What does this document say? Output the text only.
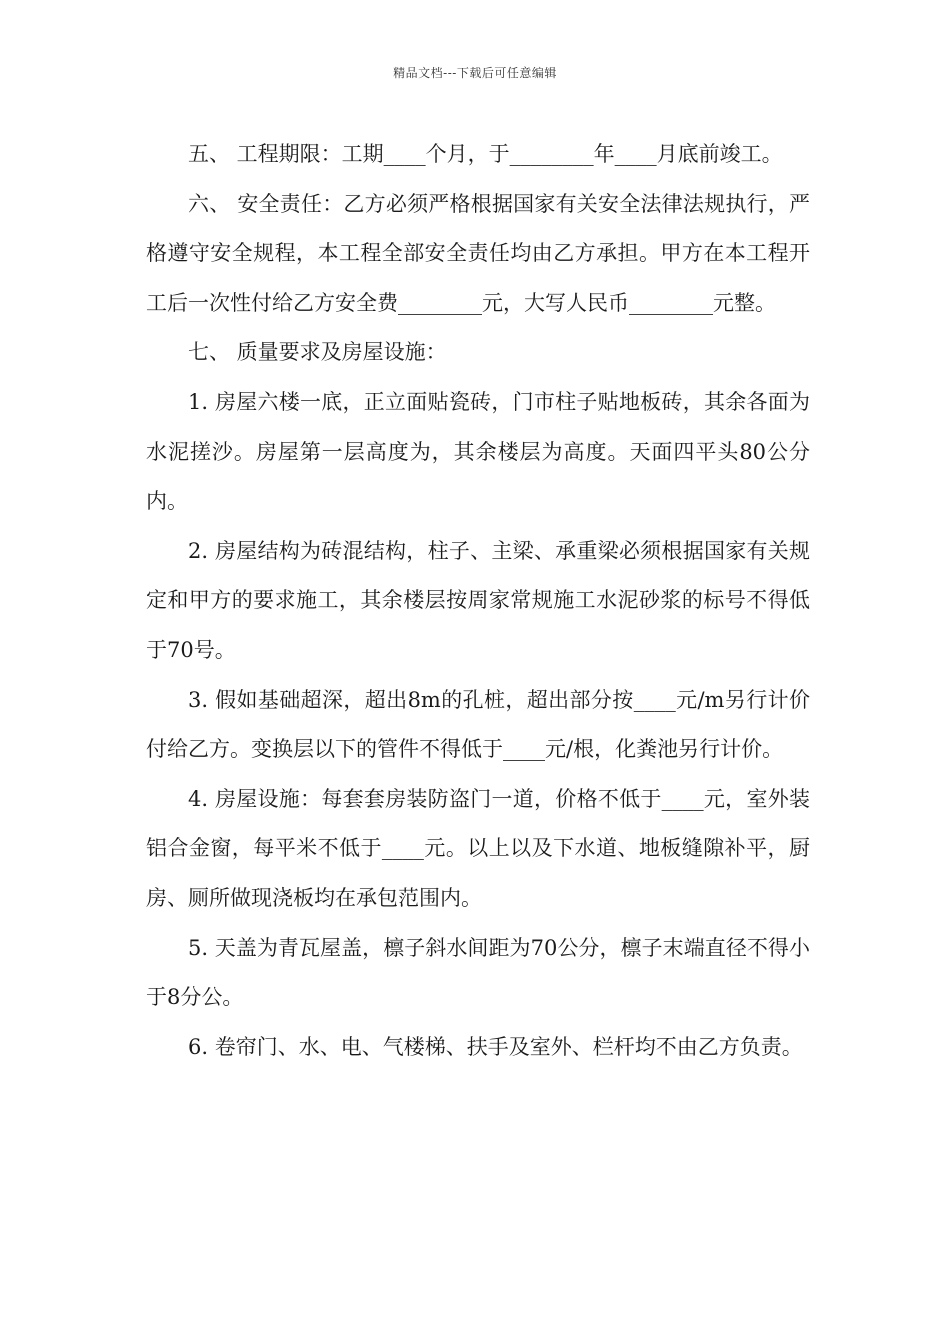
精品文档---下载后可任意编辑

五、 工程期限：工期____个月，于________年____月底前竣工。

六、 安全责任：乙方必须严格根据国家有关安全法律法规执行，严格遵守安全规程，本工程全部安全责任均由乙方承担。甲方在本工程开工后一次性付给乙方安全费________元，大写人民币________元整。

七、 质量要求及房屋设施：

1. 房屋六楼一底，正立面贴瓷砖，门市柱子贴地板砖，其余各面为水泥搓沙。房屋第一层高度为，其余楼层为高度。天面四平头80公分内。

2. 房屋结构为砖混结构，柱子、主梁、承重梁必须根据国家有关规定和甲方的要求施工，其余楼层按周家常规施工水泥砂浆的标号不得低于70号。

3. 假如基础超深，超出8m的孔桩，超出部分按____元/m另行计价付给乙方。变换层以下的管件不得低于____元/根，化粪池另行计价。

4. 房屋设施：每套套房装防盗门一道，价格不低于____元，室外装铝合金窗，每平米不低于____元。以上以及下水道、地板缝隙补平，厨房、厕所做现浇板均在承包范围内。

5. 天盖为青瓦屋盖，檩子斜水间距为70公分，檩子末端直径不得小于8分公。

6. 卷帘门、水、电、气楼梯、扶手及室外、栏杆均不由乙方负责。
